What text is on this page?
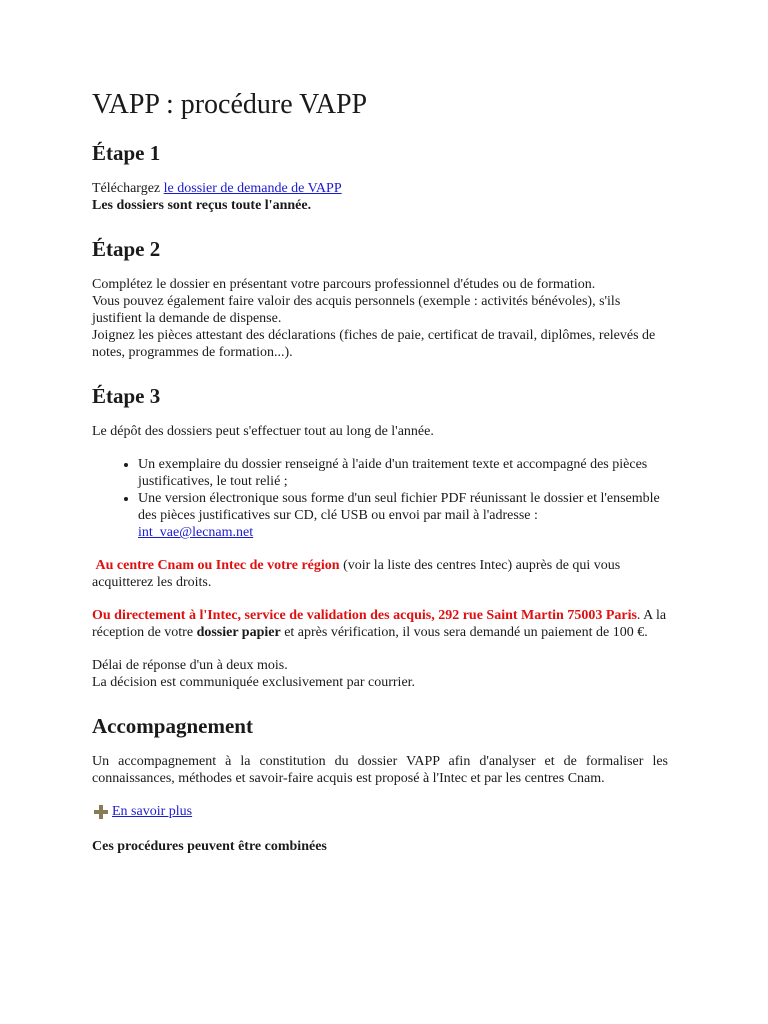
VAPP : procédure VAPP
Étape 1

Téléchargez le dossier de demande de VAPP
Les dossiers sont reçus toute l'année.

Étape 2

Complétez le dossier en présentant votre parcours professionnel d'études ou de formation.
Vous pouvez également faire valoir des acquis personnels (exemple : activités bénévoles), s'ils justifient la demande de dispense.
Joignez les pièces attestant des déclarations (fiches de paie, certificat de travail, diplômes, relevés de notes, programmes de formation...).

Étape 3

Le dépôt des dossiers peut s'effectuer tout au long de l'année.

• Un exemplaire du dossier renseigné à l'aide d'un traitement texte et accompagné des pièces justificatives, le tout relié ;
• Une version électronique sous forme d'un seul fichier PDF réunissant le dossier et l'ensemble des pièces justificatives sur CD, clé USB ou envoi par mail à l'adresse :
int_vae@lecnam.net

Au centre Cnam ou Intec de votre région (voir la liste des centres Intec) auprès de qui vous acquitterez les droits.

Ou directement à l'Intec, service de validation des acquis, 292 rue Saint Martin 75003 Paris. A la réception de votre dossier papier et après vérification, il vous sera demandé un paiement de 100 €.

Délai de réponse d'un à deux mois.
La décision est communiquée exclusivement par courrier.

Accompagnement

Un accompagnement à la constitution du dossier VAPP afin d'analyser et de formaliser les connaissances, méthodes et savoir-faire acquis est proposé à l'Intec et par les centres Cnam.

En savoir plus

Ces procédures peuvent être combinées
